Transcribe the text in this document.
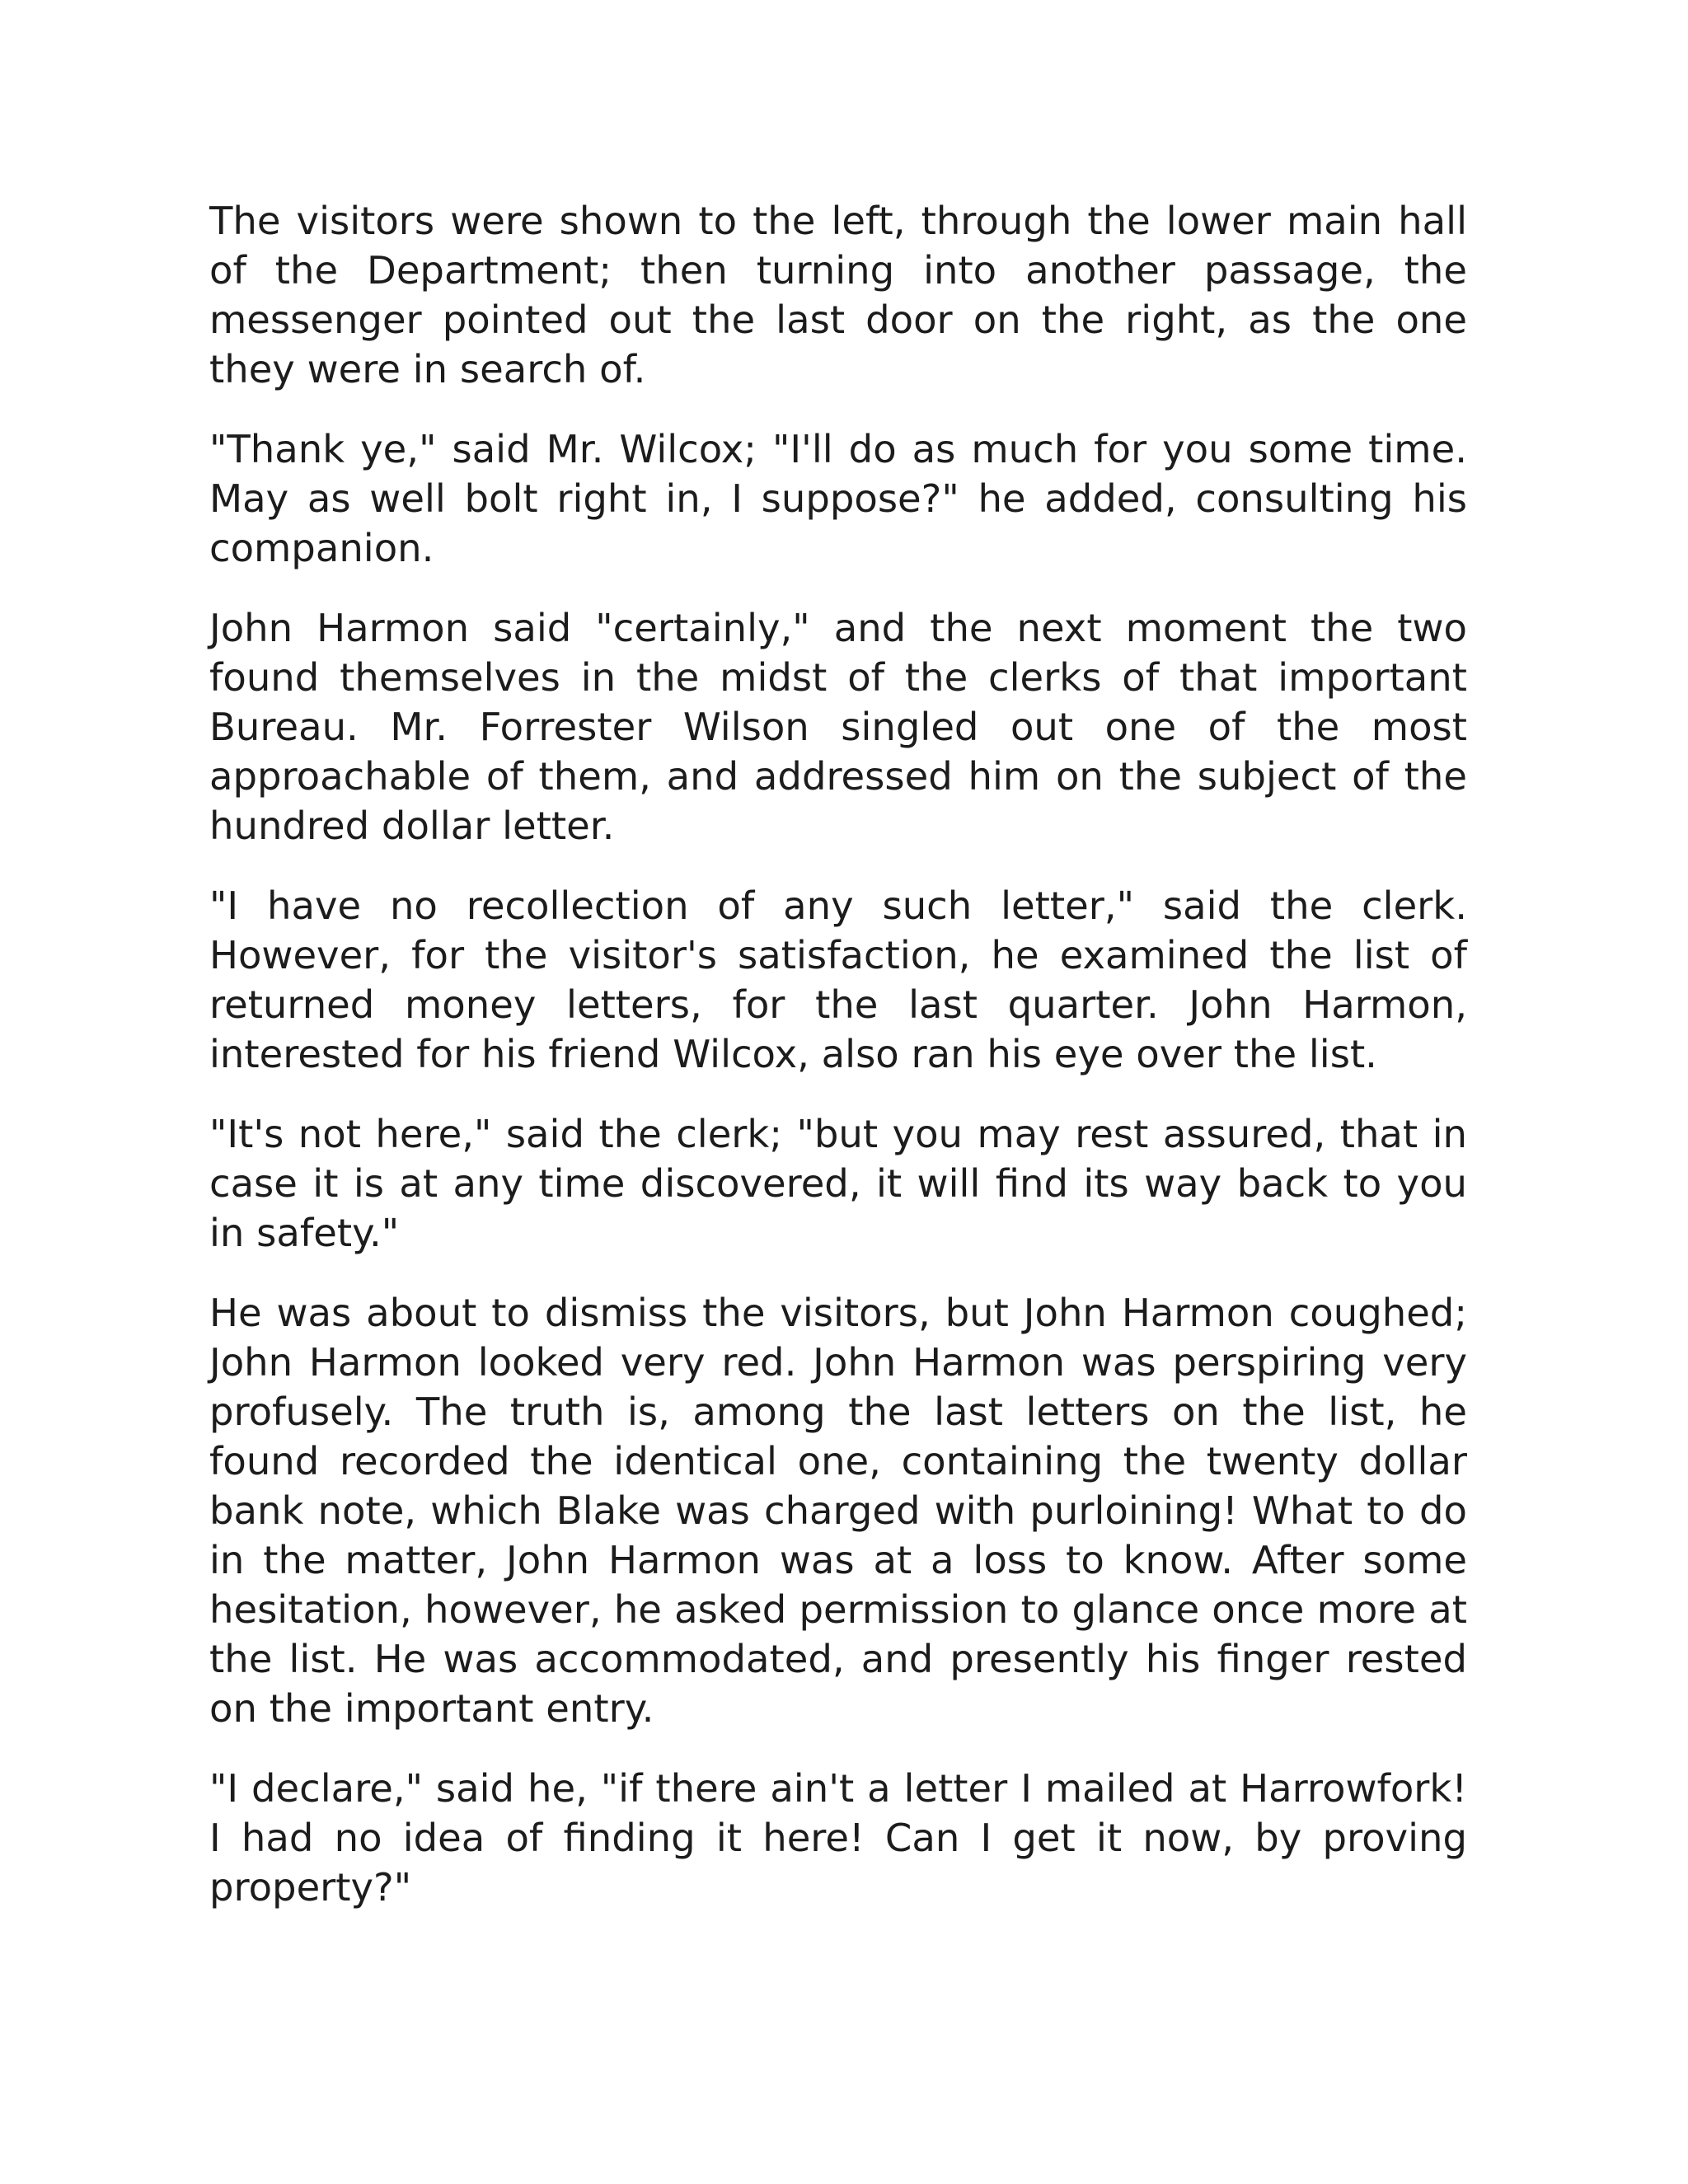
The visitors were shown to the left, through the lower main hall of the Department; then turning into another passage, the messenger pointed out the last door on the right, as the one they were in search of.

"Thank ye," said Mr. Wilcox; "I'll do as much for you some time. May as well bolt right in, I suppose?" he added, consulting his companion.

John Harmon said "certainly," and the next moment the two found themselves in the midst of the clerks of that important Bureau. Mr. Forrester Wilson singled out one of the most approachable of them, and addressed him on the subject of the hundred dollar letter.

"I have no recollection of any such letter," said the clerk. However, for the visitor's satisfaction, he examined the list of returned money letters, for the last quarter. John Harmon, interested for his friend Wilcox, also ran his eye over the list.

"It's not here," said the clerk; "but you may rest assured, that in case it is at any time discovered, it will find its way back to you in safety."

He was about to dismiss the visitors, but John Harmon coughed; John Harmon looked very red. John Harmon was perspiring very profusely. The truth is, among the last letters on the list, he found recorded the identical one, containing the twenty dollar bank note, which Blake was charged with purloining! What to do in the matter, John Harmon was at a loss to know. After some hesitation, however, he asked permission to glance once more at the list. He was accommodated, and presently his finger rested on the important entry.

"I declare," said he, "if there ain't a letter I mailed at Harrowfork! I had no idea of finding it here! Can I get it now, by proving property?"
